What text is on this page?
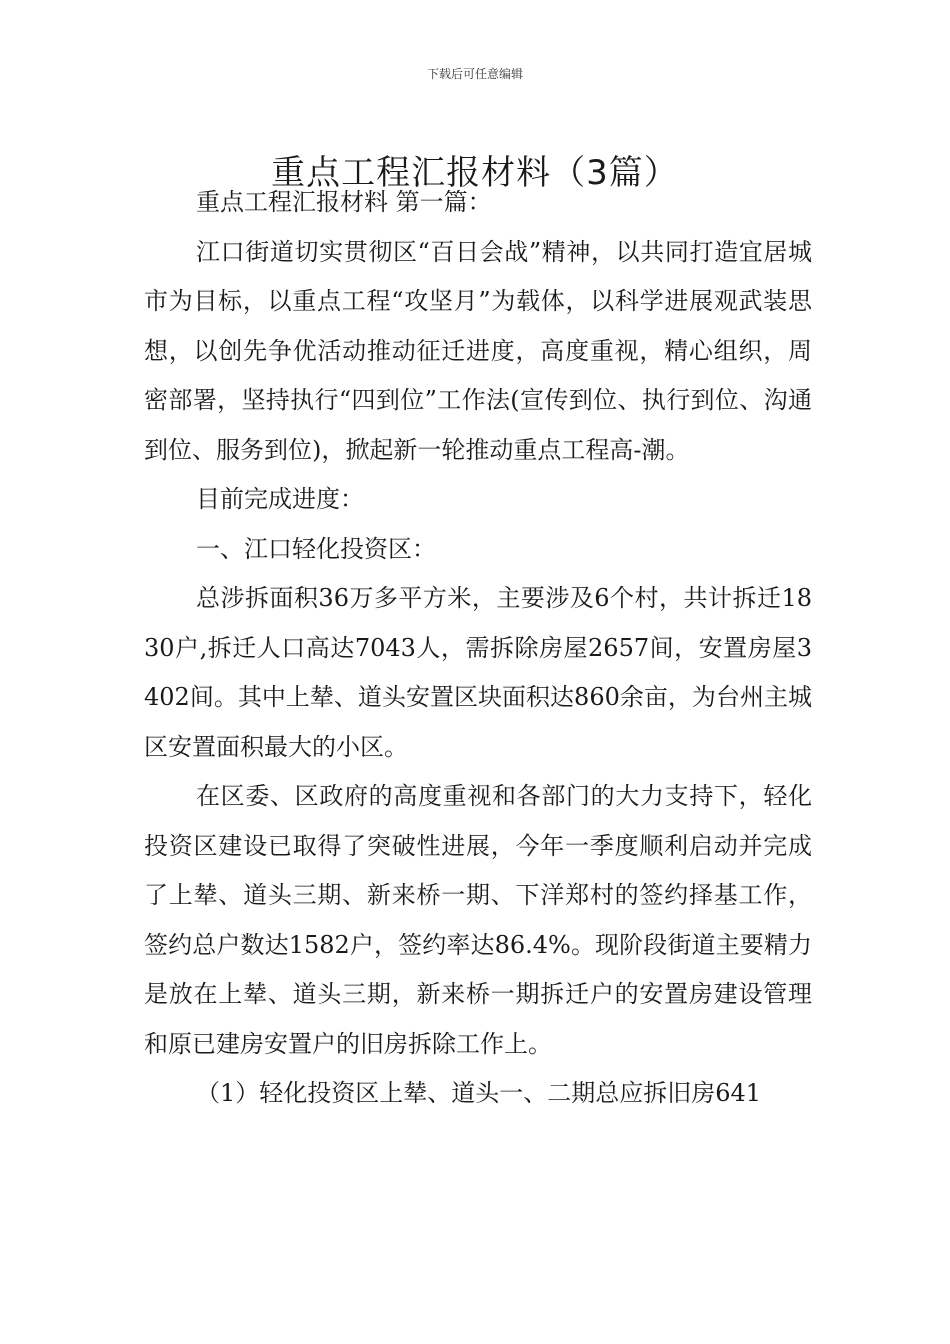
下载后可任意编辑
重点工程汇报材料（3篇）

重点工程汇报材料 第一篇：

江口街道切实贯彻区“百日会战”精神，以共同打造宜居城市为目标，以重点工程“攻坚月”为载体，以科学进展观武装思想，以创先争优活动推动征迁进度，高度重视，精心组织，周密部署，坚持执行“四到位”工作法(宣传到位、执行到位、沟通到位、服务到位)，掀起新一轮推动重点工程高-潮。

目前完成进度：

一、江口轻化投资区：

总涉拆面积36万多平方米，主要涉及6个村，共计拆迁1830户,拆迁人口高达7043人，需拆除房屋2657间，安置房屋3402间。其中上辇、道头安置区块面积达860余亩，为台州主城区安置面积最大的小区。

在区委、区政府的高度重视和各部门的大力支持下，轻化投资区建设已取得了突破性进展，今年一季度顺利启动并完成了上辇、道头三期、新来桥一期、下洋郑村的签约择基工作，签约总户数达1582户，签约率达86.4%。现阶段街道主要精力是放在上辇、道头三期，新来桥一期拆迁户的安置房建设管理和原已建房安置户的旧房拆除工作上。

（1）轻化投资区上辇、道头一、二期总应拆旧房641
